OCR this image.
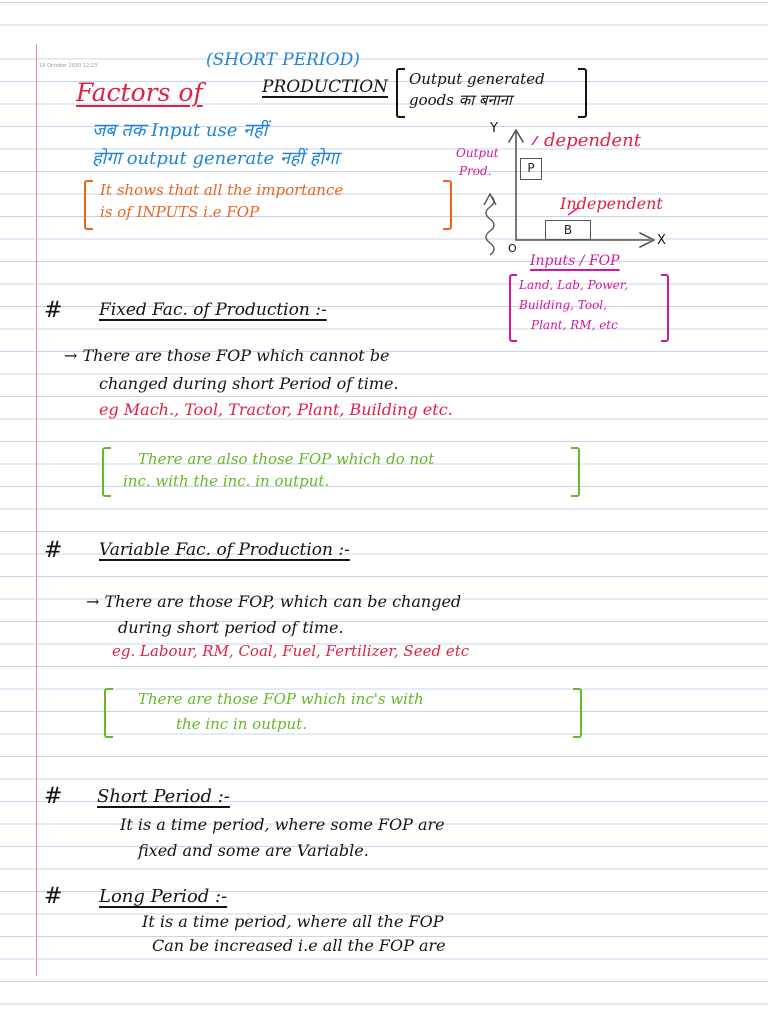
19 October 2020 12:23	(SHORT PERIOD)
Factors of	PRODUCTION Output generated
goods का बनाना
जब तक Input use नहीं
होगा output generate नहीं होगा
It shows that all the importance
is of INPUTS i.e FOP
Y
X
O
Output
Prod.	P
B
dependent
Independent
Inputs / FOP
Land, Lab, Power,
Building, Tool,
Plant, RM, etc
# Fixed Fac. of Production :-
→ There are those FOP which cannot be
changed during short Period of time.
eg Mach., Tool, Tractor, Plant, Building etc.
There are also those FOP which do not
inc. with the inc. in output.
# Variable Fac. of Production :-
→ There are those FOP, which can be changed
during short period of time.
eg. Labour, RM, Coal, Fuel, Fertilizer, Seed etc
There are those FOP which inc's with
the inc in output.
# Short Period :-
It is a time period, where some FOP are
fixed and some are Variable.
# Long Period :-
It is a time period, where all the FOP
Can be increased i.e all the FOP are
